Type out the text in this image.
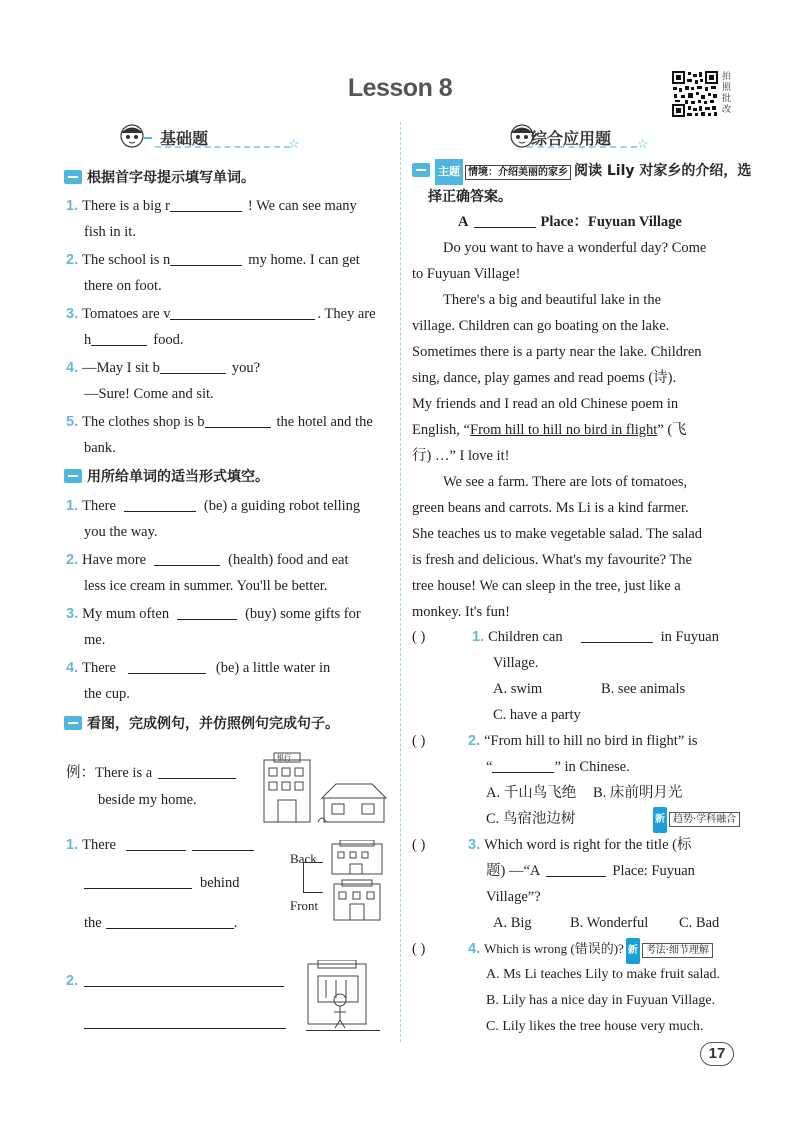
Lesson 8	拍照批改
基础题	☆
根据首字母提示填写单词。
1. There is a big r	! We can see many
fish in it.
2. The school is n	my home. I can get
there on foot.
3. Tomatoes are v	. They are
h	food.
4. —May I sit b	you?
—Sure! Come and sit.
5. The clothes shop is b	the hotel and the
bank.
用所给单词的适当形式填空。
1. There	(be) a guiding robot telling
you the way.
2. Have more	(health) food and eat
less ice cream in summer. You'll be better.
3. My mum often	(buy) some gifts for
me.
4. There	(be) a little water in
the cup.
看图，完成例句，并仿照例句完成句子。
例：There is a
beside my home.
银行
1. There
behind
the	.
Back
Front
2.
综合应用题 ☆
主题 情境：介绍美丽的家乡 阅读 Lily 对家乡的介绍，选
择正确答案。
A	Place：Fuyuan Village
Do you want to have a wonderful day? Come
to Fuyuan Village!
There's a big and beautiful lake in the
village. Children can go boating on the lake.
Sometimes there is a party near the lake. Children
sing, dance, play games and read poems (诗).
My friends and I read an old Chinese poem in
English, “From hill to hill no bird in flight” (飞
行) …” I love it!
We see a farm. There are lots of tomatoes,
green beans and carrots. Ms Li is a kind farmer.
She teaches us to make vegetable salad. The salad
is fresh and delicious. What's my favourite? The
tree house! We can sleep in the tree, just like a
monkey. It's fun!
( )	1. Children can	in Fuyuan
Village.
A. swim	B. see animals
C. have a party
( )	2. “From hill to hill no bird in flight” is
“	” in Chinese.
A. 千山鸟飞绝 B. 床前明月光
C. 鸟宿池边树	新 趋势·学科融合
( )	3. Which word is right for the title (标
题) —“A	Place: Fuyuan
Village”?
A. Big	B. Wonderful C. Bad
( )	4. Which is wrong (错误的)? 新 考法·细节理解
A. Ms Li teaches Lily to make fruit salad.
B. Lily has a nice day in Fuyuan Village.
C. Lily likes the tree house very much.
17
